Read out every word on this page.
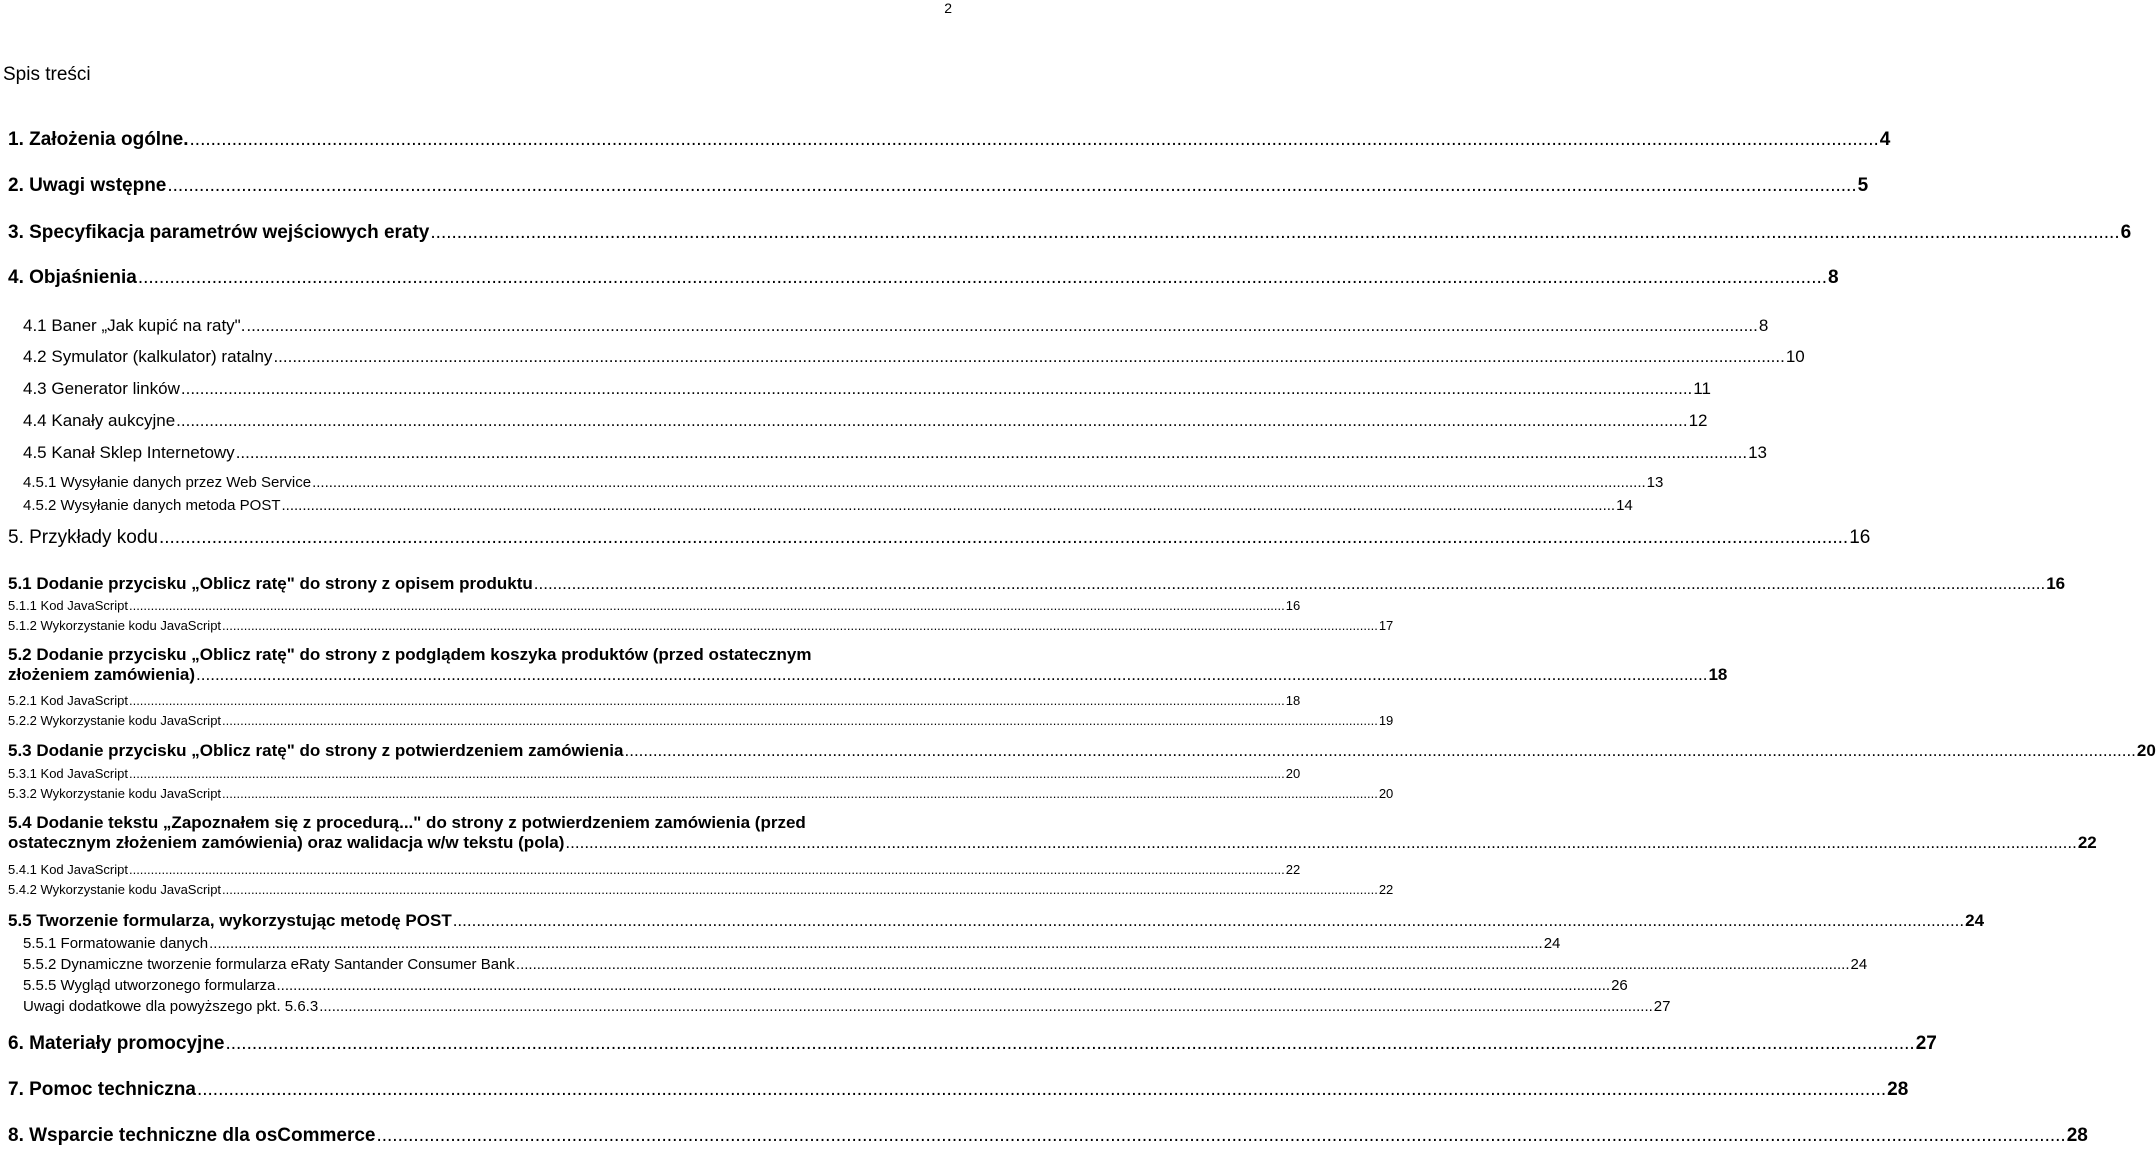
2
Spis treści
1. Założenia ogólne. .....	4
2. Uwagi wstępne .....	5
3. Specyfikacja parametrów wejściowych eraty .....	6
4. Objaśnienia .....	8
4.1 Baner „Jak kupić na raty". .....	8
4.2 Symulator (kalkulator) ratalny .....	10
4.3 Generator linków .....	11
4.4 Kanały aukcyjne .....	12
4.5 Kanał Sklep Internetowy .....	13
4.5.1 Wysyłanie danych przez Web Service .....	13
4.5.2 Wysyłanie danych metoda POST .....	14
5. Przykłady kodu .....	16
5.1 Dodanie przycisku „Oblicz ratę" do strony z opisem produktu .....	16
5.1.1 Kod JavaScript .....	16
5.1.2 Wykorzystanie kodu JavaScript .....	17
5.2 Dodanie przycisku „Oblicz ratę" do strony z podglądem koszyka produktów (przed ostatecznym
złożeniem zamówienia) .....	18
5.2.1 Kod JavaScript .....	18
5.2.2 Wykorzystanie kodu JavaScript .....	19
5.3 Dodanie przycisku „Oblicz ratę" do strony z potwierdzeniem zamówienia .....	20
5.3.1 Kod JavaScript .....	20
5.3.2 Wykorzystanie kodu JavaScript .....	20
5.4 Dodanie tekstu „Zapoznałem się z procedurą..." do strony z potwierdzeniem zamówienia (przed
ostatecznym złożeniem zamówienia) oraz walidacja w/w tekstu (pola) .....	22
5.4.1 Kod JavaScript .....	22
5.4.2 Wykorzystanie kodu JavaScript .....	22
5.5 Tworzenie formularza, wykorzystując metodę POST .....	24
5.5.1 Formatowanie danych .....	24
5.5.2 Dynamiczne tworzenie formularza eRaty Santander Consumer Bank .....	24
5.5.5 Wygląd utworzonego formularza .....	26
Uwagi dodatkowe dla powyższego pkt. 5.6.3 .....	27
6. Materiały promocyjne .....	27
7. Pomoc techniczna .....	28
8. Wsparcie techniczne dla osCommerce .....	28
